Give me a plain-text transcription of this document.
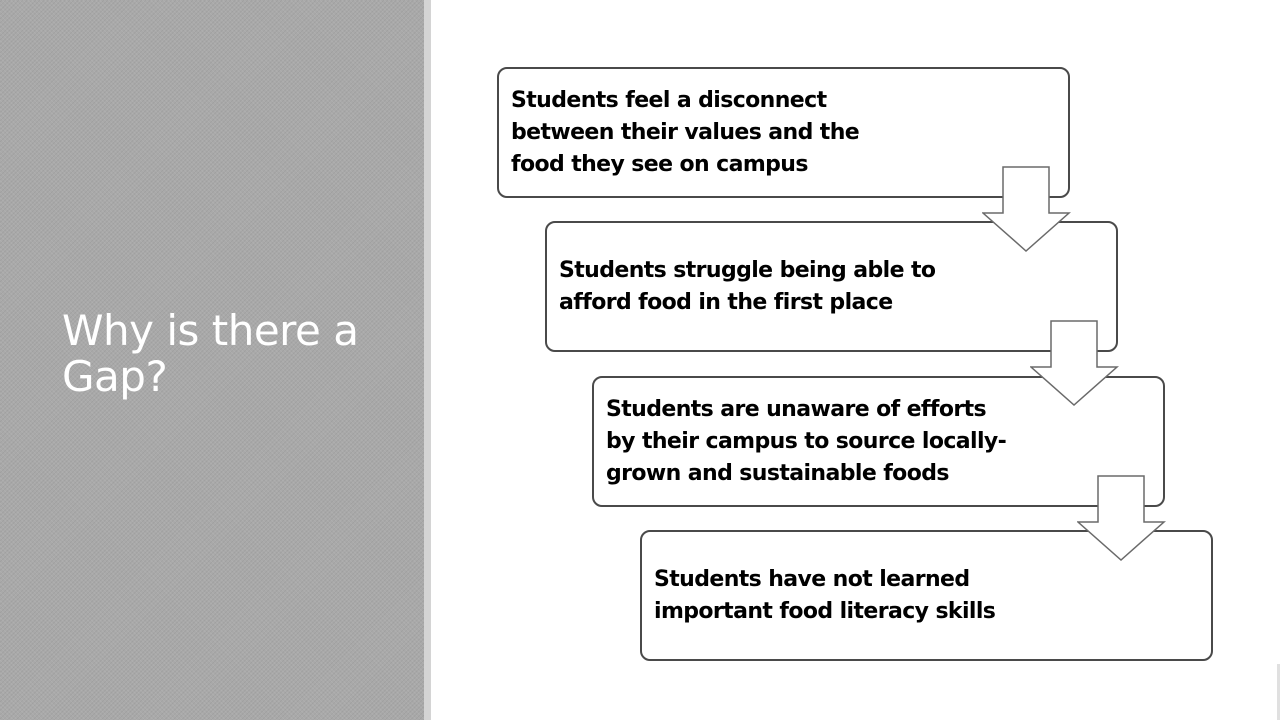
Why is there a Gap?
Students feel a disconnect
between their values and the
food they see on campus
Students struggle being able to
afford food in the first place
Students are unaware of efforts
by their campus to source locally-
grown and sustainable foods
Students have not learned
important food literacy skills
